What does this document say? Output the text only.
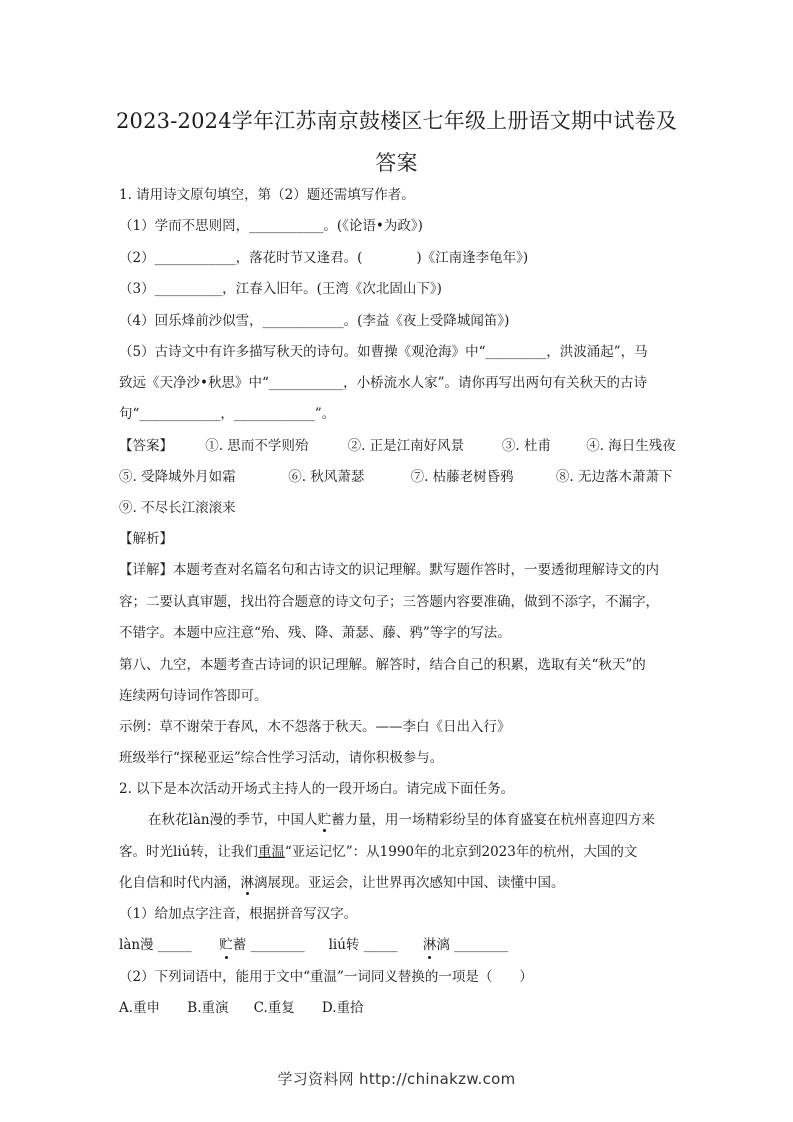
2023-2024学年江苏南京鼓楼区七年级上册语文期中试卷及
答案
1. 请用诗文原句填空，第（2）题还需填写作者。
（1）学而不思则罔，___________。(《论语•为政》)
（2）____________，落花时节又逢君。(　　　　)《江南逢李龟年》)
（3）__________，江春入旧年。(王湾《次北固山下》)
（4）回乐烽前沙似雪，____________。(李益《夜上受降城闻笛》)
（5）古诗文中有许多描写秋天的诗句。如曹操《观沧海》中“_________，洪波涌起”，马
致远《天净沙•秋思》中“___________，小桥流水人家”。请你再写出两句有关秋天的古诗
句“____________，____________”。
【答案】 ①. 思而不学则殆	②. 正是江南好风景	③. 杜甫	④. 海日生残夜
⑤. 受降城外月如霜	⑥. 秋风萧瑟	⑦. 枯藤老树昏鸦	⑧. 无边落木萧萧下
⑨. 不尽长江滚滚来
【解析】
【详解】本题考查对名篇名句和古诗文的识记理解。默写题作答时，一要透彻理解诗文的内
容；二要认真审题，找出符合题意的诗文句子；三答题内容要准确，做到不添字，不漏字，
不错字。本题中应注意“殆、残、降、萧瑟、藤、鸦”等字的写法。
第八、九空，本题考查古诗词的识记理解。解答时，结合自己的积累，选取有关“秋天”的
连续两句诗词作答即可。
示例：草不谢荣于春风，木不怨落于秋天。——李白《日出入行》
班级举行“探秘亚运”综合性学习活动，请你积极参与。
2. 以下是本次活动开场式主持人的一段开场白。请完成下面任务。
在秋花làn漫的季节，中国人贮蓄力量，用一场精彩纷呈的体育盛宴在杭州喜迎四方来
客。时光liú转，让我们重温“亚运记忆”：从1990年的北京到2023年的杭州，大国的文
化自信和时代内涵，淋漓展现。亚运会，让世界再次感知中国、读懂中国。
（1）给加点字注音，根据拼音写汉字。
làn漫 _____ 贮蓄 ________ liú转 _____ 淋漓 ________
（2）下列词语中，能用于文中“重温”一词同义替换的一项是（　　）
A.重申 B.重演 C.重复 D.重拾
学习资料网 http://chinakzw.com
